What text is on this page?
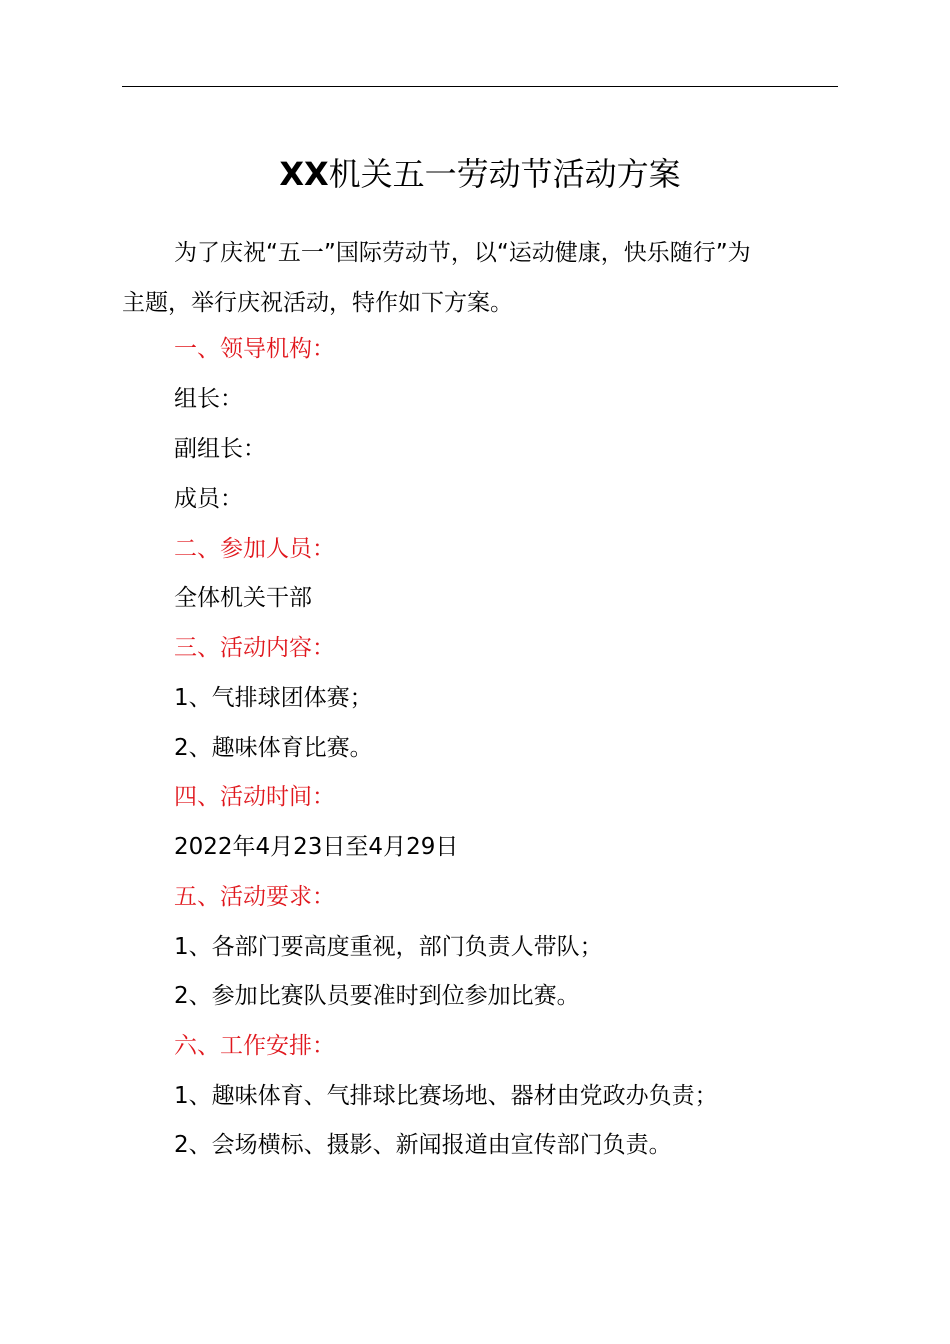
XX机关五一劳动节活动方案
为了庆祝“五一”国际劳动节，以“运动健康，快乐随行”为
主题，举行庆祝活动，特作如下方案。
一、领导机构：
组长：
副组长：
成员：
二、参加人员：
全体机关干部
三、活动内容：
1、气排球团体赛；
2、趣味体育比赛。
四、活动时间：
2022年4月23日至4月29日
五、活动要求：
1、各部门要高度重视，部门负责人带队；
2、参加比赛队员要准时到位参加比赛。
六、工作安排：
1、趣味体育、气排球比赛场地、器材由党政办负责；
2、会场横标、摄影、新闻报道由宣传部门负责。
